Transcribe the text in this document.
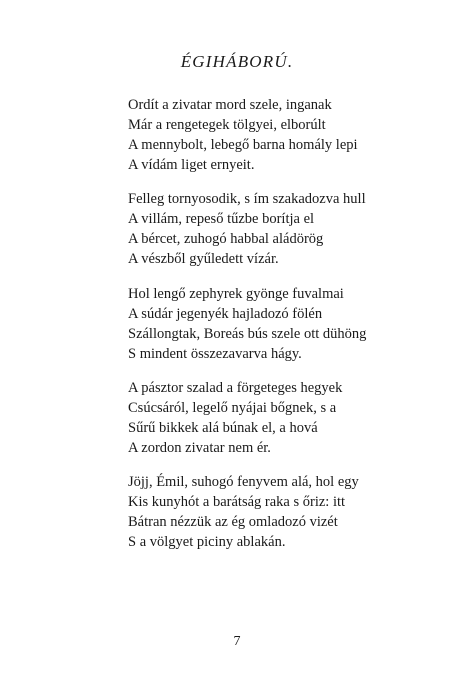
ÉGIHÁBORÚ.
Ordít a zivatar mord szele, inganak
Már a rengetegek tölgyei, elborúlt
A mennybolt, lebegő barna homály lepi
A vídám liget ernyeit.
Felleg tornyosodik, s ím szakadozva hull
A villám, repeső tűzbe borítja el
A bércet, zuhogó habbal aládörög
A vészből gyűledett vízár.
Hol lengő zephyrek gyönge fuvalmai
A súdár jegenyék hajladozó fölén
Szállongtak, Boreás bús szele ott dühöng
S mindent összezavarva hágy.
A pásztor szalad a förgeteges hegyek
Csúcsáról, legelő nyájai bőgnek, s a
Sűrű bikkek alá búnak el, a hová
A zordon zivatar nem ér.
Jöjj, Émil, suhogó fenyvem alá, hol egy
Kis kunyhót a barátság raka s őriz: itt
Bátran nézzük az ég omladozó vizét
S a völgyet piciny ablakán.
7
